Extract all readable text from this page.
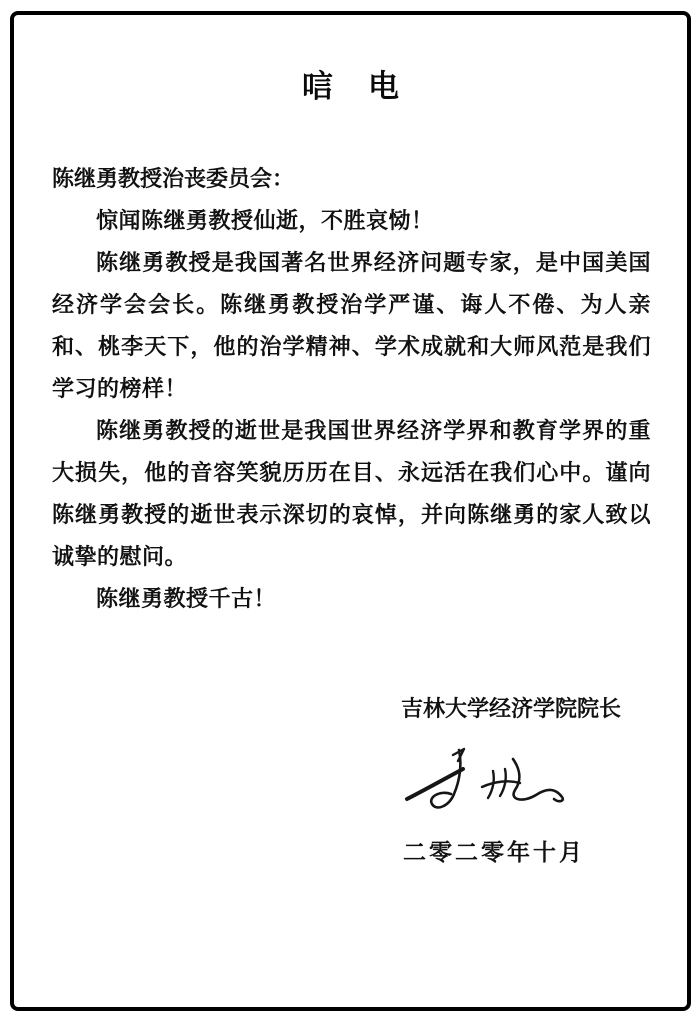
唁　电
陈继勇教授治丧委员会：

惊闻陈继勇教授仙逝，不胜哀恸！

陈继勇教授是我国著名世界经济问题专家，是中国美国经济学会会长。陈继勇教授治学严谨、诲人不倦、为人亲和、桃李天下，他的治学精神、学术成就和大师风范是我们学习的榜样！

陈继勇教授的逝世是我国世界经济学界和教育学界的重大损失，他的音容笑貌历历在目、永远活在我们心中。谨向陈继勇教授的逝世表示深切的哀悼，并向陈继勇的家人致以诚挚的慰问。

陈继勇教授千古！

吉林大学经济学院院长
二零二零年十月
